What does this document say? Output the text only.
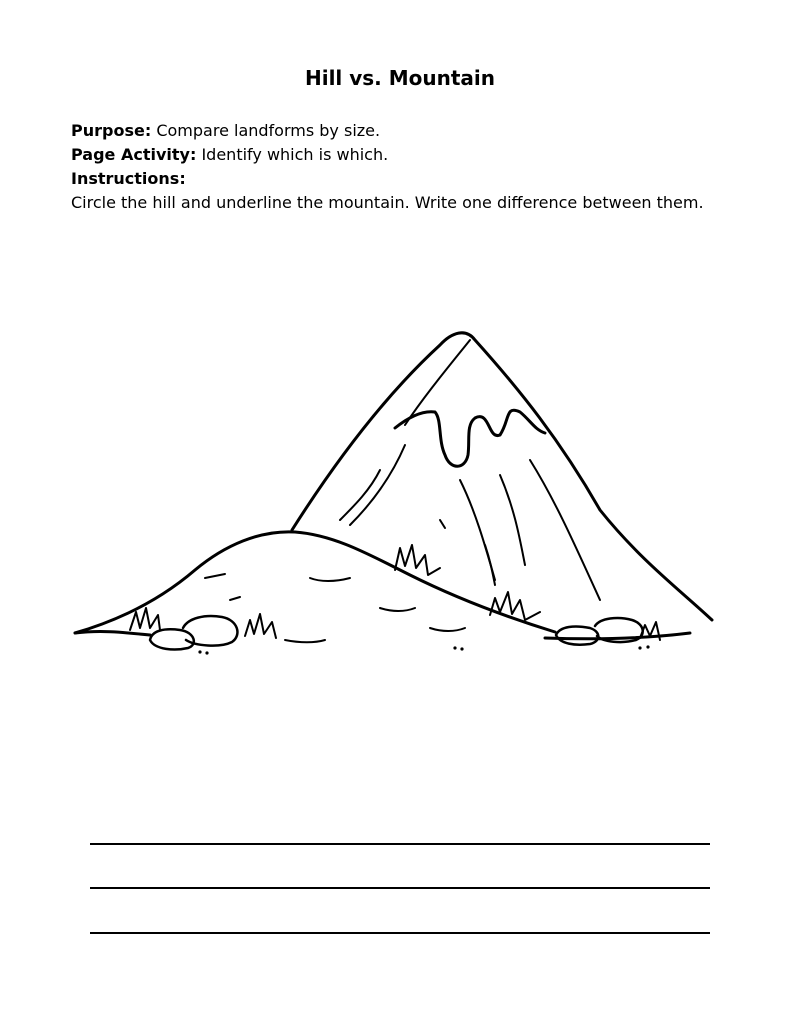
Hill vs. Mountain
Purpose: Compare landforms by size.
Page Activity: Identify which is which.
Instructions:
Circle the hill and underline the mountain. Write one difference between them.
